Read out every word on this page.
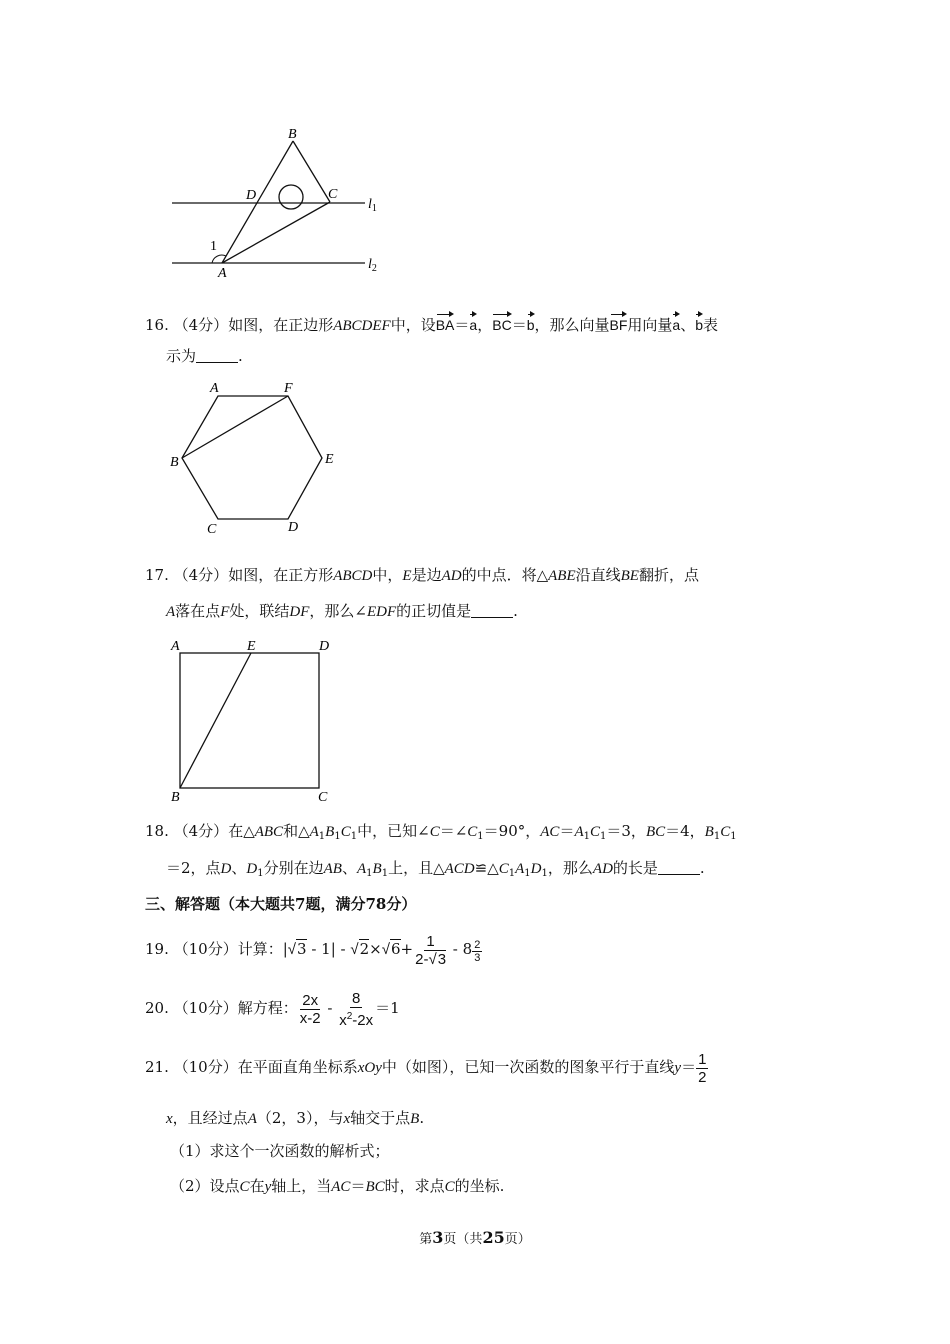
B
D	C
$l_1$
$l_2$
1
A
16. （4分）如图，在正边形ABCDEF中，设BA＝a，BC＝b，那么向量BF用向量a、b表
示为	.
A	F
B	E
C	D
17. （4分）如图，在正方形ABCD中，E是边AD的中点．将△ABE沿直线BE翻折，点
A落在点F处，联结DF，那么∠EDF的正切值是	.
A	E	D
B	C
18. （4分）在△ABC和$\triangle A_1B_1C_1$中，已知$\angle C=\angle C_1=90^\circ$，$AC=A_1C_1=3$，BC＝4，$B_1C_1$
＝2，点D、$D_1$分别在边AB、$A_1B_1$上，且$\triangle ACD≌\triangle C_1A_1D_1$，那么AD的长是	.
三、解答题（本大题共7题，满分78分）
19. （10分）计算：$|√3 - 1| - √2\times√6+ \frac{1}{2-√3} - 8 \frac{2}{3}$
20. （10分）解方程： $\frac{2x}{x-2} - \frac{8}{x^2-2x} =1$
21. （10分）在平面直角坐标系xOy中（如图），已知一次函数的图象平行于直线$y= \frac{1}{2}$
x，且经过点A（2，3），与x轴交于点B.
（1）求这个一次函数的解析式；
（2）设点C在y轴上，当AC＝BC时，求点C的坐标.
第3页（共25页）
